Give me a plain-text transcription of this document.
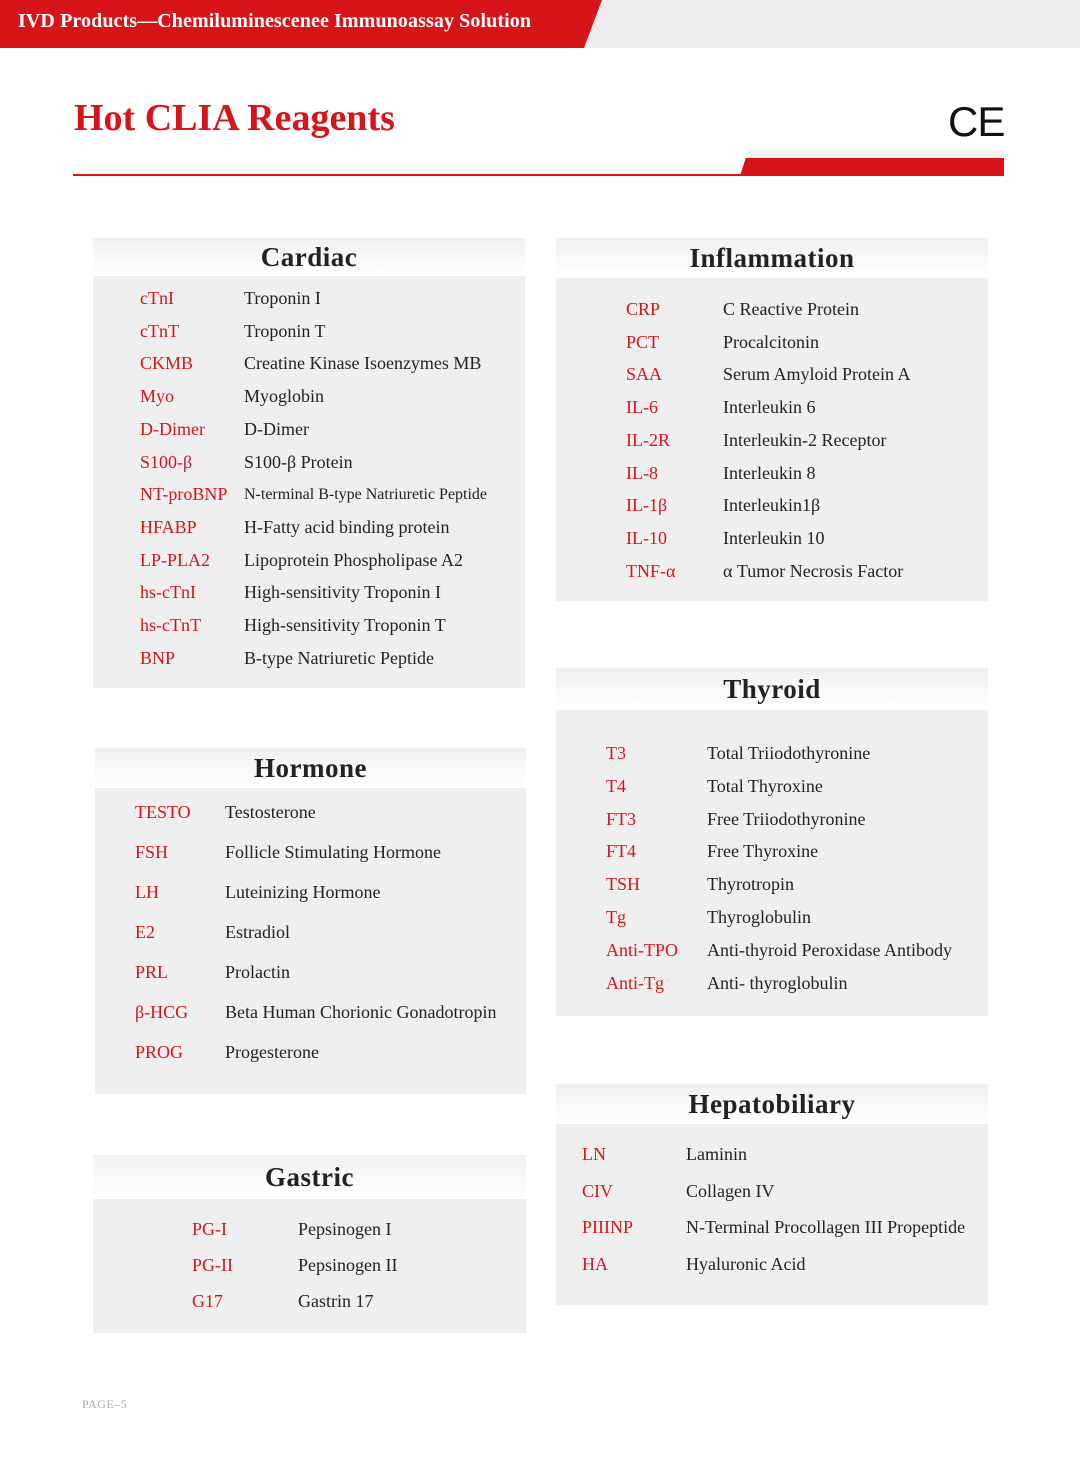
IVD Products—Chemiluminescenee Immunoassay Solution
Hot CLIA Reagents	CE
Cardiac
cTnI	Troponin I
cTnT	Troponin T
CKMB	Creatine Kinase Isoenzymes MB
Myo	Myoglobin
D-Dimer D-Dimer
S100-β	S100-β Protein
NT-proBNP N-terminal B-type Natriuretic Peptide
HFABP	H-Fatty acid binding protein
LP-PLA2 Lipoprotein Phospholipase A2
hs-cTnI	High-sensitivity Troponin I
hs-cTnT High-sensitivity Troponin T
BNP	B-type Natriuretic Peptide
Hormone
TESTO Testosterone
FSH	Follicle Stimulating Hormone
LH	Luteinizing Hormone
E2	Estradiol
PRL	Prolactin
β-HCG Beta Human Chorionic Gonadotropin
PROG Progesterone
Gastric
PG-I	Pepsinogen I
PG-II	Pepsinogen II
G17	Gastrin 17
Inflammation
CRP	C Reactive Protein
PCT	Procalcitonin
SAA	Serum Amyloid Protein A
IL-6	Interleukin 6
IL-2R	Interleukin-2 Receptor
IL-8	Interleukin 8
IL-1β	Interleukin1β
IL-10	Interleukin 10
TNF-α	α Tumor Necrosis Factor
Thyroid
T3	Total Triiodothyronine
T4	Total Thyroxine
FT3	Free Triiodothyronine
FT4	Free Thyroxine
TSH	Thyrotropin
Tg	Thyroglobulin
Anti-TPO Anti-thyroid Peroxidase Antibody
Anti-Tg Anti- thyroglobulin
Hepatobiliary
LN	Laminin
CIV	Collagen IV
PIIINP	N-Terminal Procollagen III Propeptide
HA	Hyaluronic Acid
PAGE–5
